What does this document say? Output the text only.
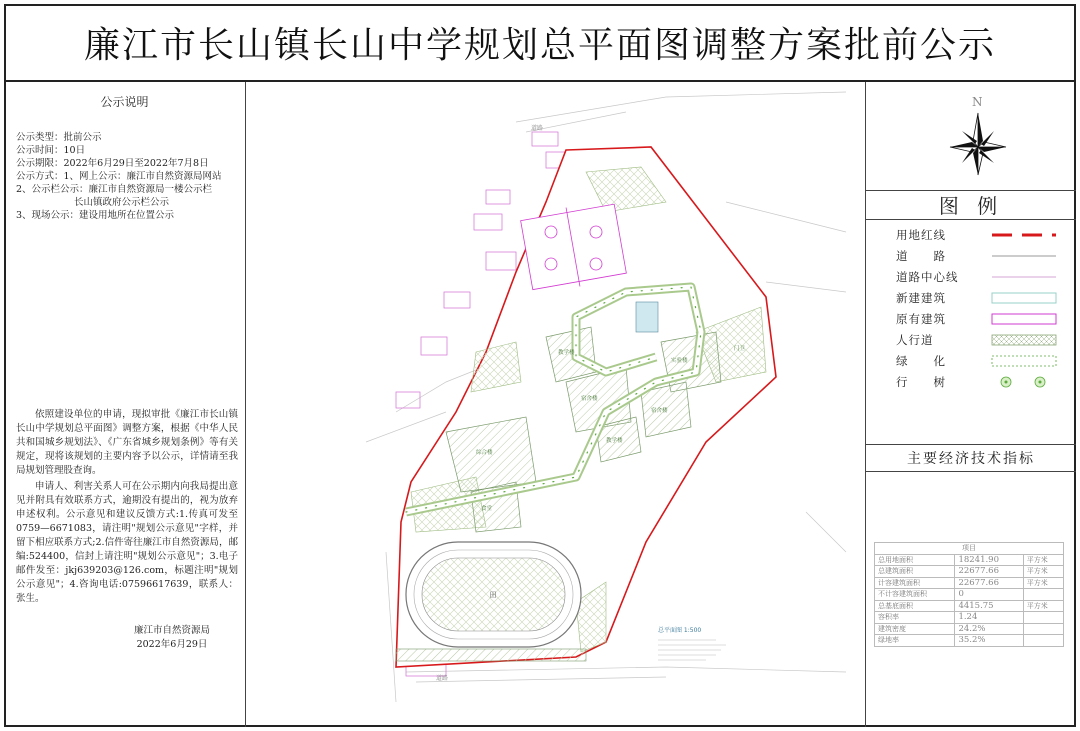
廉江市长山镇长山中学规划总平面图调整方案批前公示
公示说明
公示类型：批前公示
公示时间：10日
公示期限：2022年6月29日至2022年7月8日
公示方式：1、网上公示：廉江市自然资源局网站
2、公示栏公示：廉江市自然资源局一楼公示栏
长山镇政府公示栏公示
3、现场公示：建设用地所在位置公示

依照建设单位的申请，现拟审批《廉江市长山镇长山中学规划总平面图》调整方案，根据《中华人民共和国城乡规划法》、《广东省城乡规划条例》等有关规定，现将该规划的主要内容予以公示，详情请至我局规划管理股查询。

申请人、利害关系人可在公示期内向我局提出意见并附具有效联系方式，逾期没有提出的，视为放弃申述权利。公示意见和建议反馈方式:1.传真可发至0759—6671083，请注明"规划公示意见"字样，并留下相应联系方式;2.信件寄往廉江市自然资源局，邮编:524400，信封上请注明"规划公示意见"；3.电子邮件发至：jkj639203@126.com，标题注明"规划公示意见"；4.咨询电话:07596617639，联系人：张生。

廉江市自然资源局
2022年6月29日
田
教学楼
宿舍楼
综合楼
食堂
教学楼
实验楼
宿舍楼
门卫
道路
道路
总平面图 1:500
N
图 例
用地红线
道　　路
道路中心线
新建建筑
原有建筑
人行道
绿　　化
行　　树
主要经济技术指标
项目		
总用地面积	18241.90	平方米
总建筑面积	22677.66	平方米
计容建筑面积	22677.66	平方米
不计容建筑面积	0	
总基底面积	4415.75	平方米
容积率	1.24	
建筑密度	24.2%	
绿地率	35.2%	
